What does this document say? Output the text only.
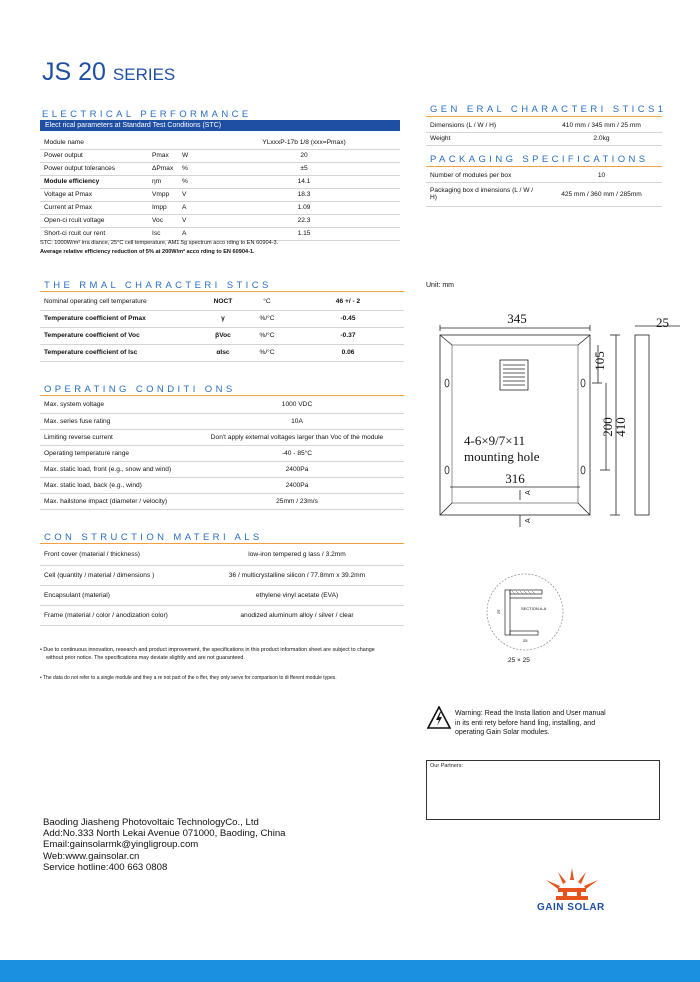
JS 20 SERIES
ELECTRICAL PERFORMANCE
Elect rical parameters at Standard Test Conditions (STC)
Module name			YLxxxP-17b 1/8 (xxx=Pmax)
Power output	Pmax	W	20
Power output tolerances	ΔPmax	%	±5
Module efficiency	ηm	%	14.1
Voltage at Pmax	Vmpp	V	18.3
Current at Pmax	Impp	A	1.09
Open-ci rcuit voltage	Voc	V	22.3
Short-ci rcuit cur rent	Isc	A	1.15
STC: 1000W/m² irra diance, 25°C cell temperature, AM1.5g spectrum acco rding to EN 60904-3.
Average relative efficiency reduction of 5% at 200W/m² acco rding to EN 60904-1.
GEN ERAL CHARACTERI STICS1
Dimensions (L / W / H)	410 mm / 345 mm / 25 mm
Weight	2.0kg
PACKAGING SPECIFICATIONS
Number of modules per box	10
Packaging box d imensions (L / W / H)	425 mm / 360 mm / 285mm
THE RMAL CHARACTERI STICS
Nominal operating cell temperature	NOCT	°C	46 +/ - 2
Temperature coefficient of Pmax	γ	%/°C	-0.45
Temperature coefficient of Voc	βVoc	%/°C	-0.37
Temperature coefficient of Isc	αIsc	%/°C	0.06
OPERATING CONDITI ONS
Max. system voltage	1000 VDC
Max. series fuse rating	10A
Limiting reverse current	Don't apply external voltages larger than Voc of the module
Operating temperature range	-40 - 85°C
Max. static load, front (e.g., snow and wind)	2400Pa
Max. static load, back (e.g., wind)	2400Pa
Max. hailstone impact (diameter / velocity)	25mm / 23m/s
CON STRUCTION MATERI ALS
Front cover (material / thickness)	low-iron tempered g lass / 3.2mm
Cell (quantity / material / dimensions )	36 / multicrystalline silicon / 77.8mm x 39.2mm
Encapsulant (material)	ethylene vinyl acetate (EVA)
Frame (material / color / anodization color)	anodized aluminum alloy / silver / clear
• Due to continuous innovation, research and product improvement, the specifications in this product information sheet are subject to change
without prior notice. The specifications may deviate slightly and are not guaranteed.
• The data do not refer to a single module and they a re not part of the o ffer, they only serve for comparison to di fferent module types.
Unit: mm
345	25
105
200
410
4-6×9/7×11
mounting hole
316
A
A
SECTION A-A
25
25
25 × 25
Warning: Read the Insta llation and User manual
in its enti rety before hand ling, installing, and
operating Gain Solar modules.
Our Partners:
Baoding Jiasheng Photovoltaic TechnologyCo., Ltd
Add:No.333 North Lekai Avenue 071000, Baoding, China
Email:gainsolarmk@yingligroup.com
Web:www.gainsolar.cn
Service hotline:400 663 0808
GAIN SOLAR
